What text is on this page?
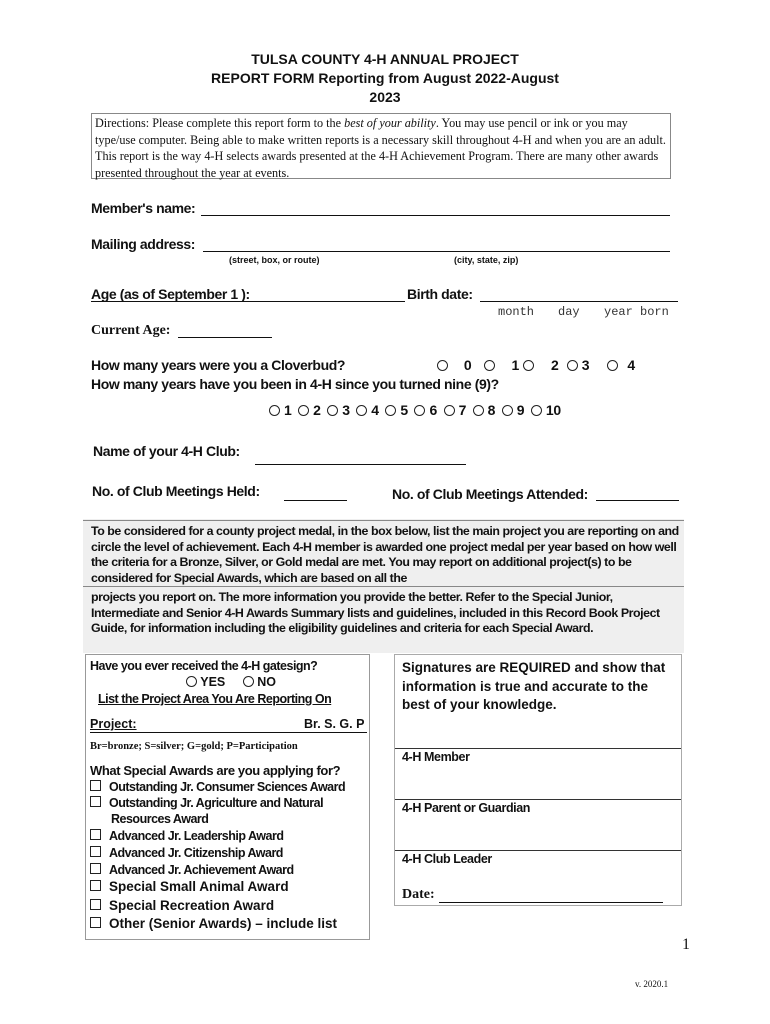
TULSA COUNTY 4-H ANNUAL PROJECT
REPORT FORM Reporting from August 2022-August
2023
Directions: Please complete this report form to the best of your ability. You may use pencil or ink or you may type/use computer. Being able to make written reports is a necessary skill throughout 4-H and when you are an adult. This report is the way 4-H selects awards presented at the 4-H Achievement Program. There are many other awards presented throughout the year at events.
Member's name:
Mailing address:
(street, box, or route)	(city, state, zip)
Age (as of September 1 ):	Birth date:
month day year born
Current Age:
How many years were you a Cloverbud?	0	1 2 3	4
How many years have you been in 4-H since you turned nine (9)?
1 2 3 4 5 6 7 8 9 10
Name of your 4-H Club:
No. of Club Meetings Held:	No. of Club Meetings Attended:
To be considered for a county project medal, in the box below, list the main project you are reporting on and circle the level of achievement. Each 4-H member is awarded one project medal per year based on how well the criteria for a Bronze, Silver, or Gold medal are met. You may report on additional project(s) to be considered for Special Awards, which are based on all the
projects you report on. The more information you provide the better. Refer to the Special Junior, Intermediate and Senior 4-H Awards Summary lists and guidelines, included in this Record Book Project Guide, for information including the eligibility guidelines and criteria for each Special Award.
Have you ever received the 4-H gatesign?
YES	NO
List the Project Area You Are Reporting On
Project:	Br. S. G. P
Br=bronze; S=silver; G=gold; P=Participation
What Special Awards are you applying for?
Outstanding Jr. Consumer Sciences Award
Outstanding Jr. Agriculture and Natural
Resources Award
Advanced Jr. Leadership Award
Advanced Jr. Citizenship Award
Advanced Jr. Achievement Award
Special Small Animal Award
Special Recreation Award
Other (Senior Awards) – include list
Signatures are REQUIRED and show that information is true and accurate to the best of your knowledge.
4-H Member
4-H Parent or Guardian
4-H Club Leader
Date:
1
v. 2020.1
